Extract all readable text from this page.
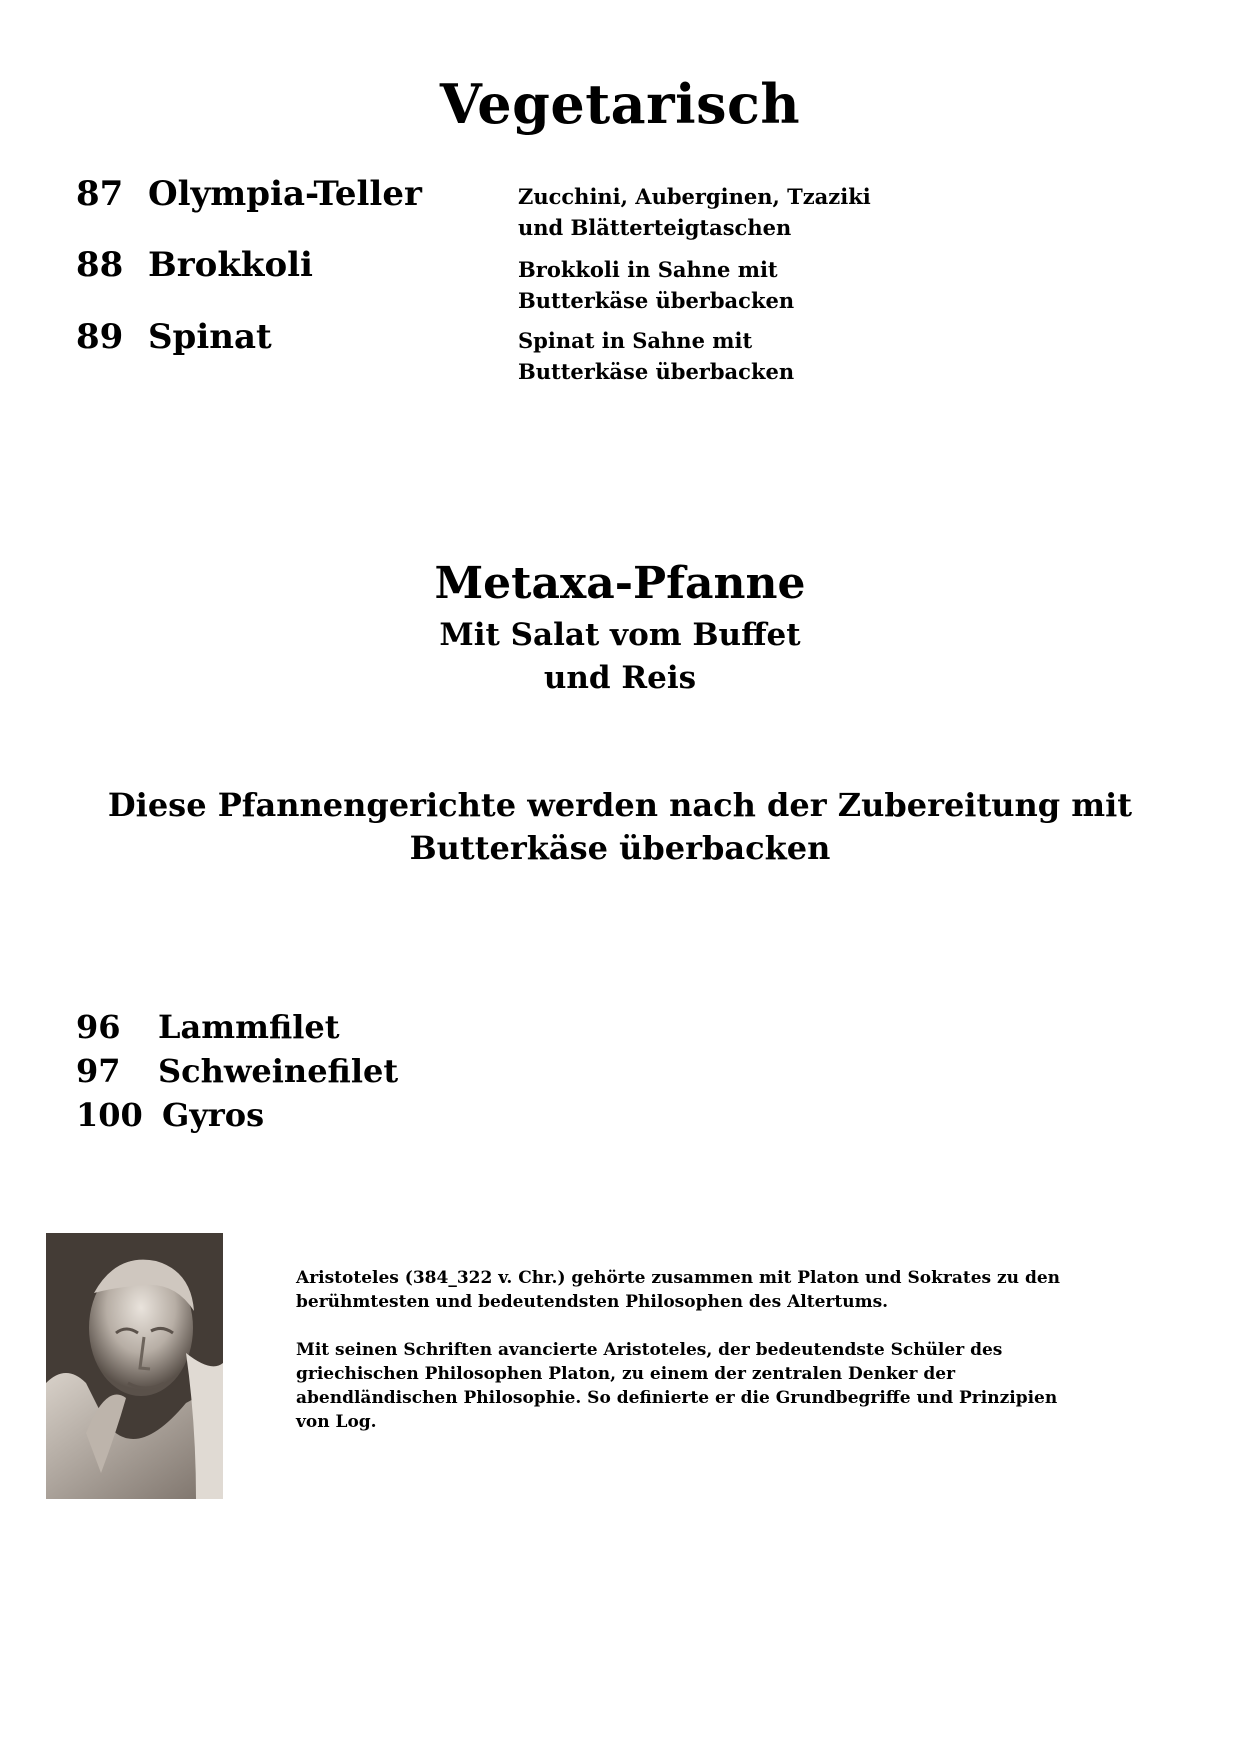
Vegetarisch
87 Olympia-Teller	Zucchini, Auberginen, Tzaziki
und Blätterteigtaschen
88 Brokkoli	Brokkoli in Sahne mit
Butterkäse überbacken
89 Spinat	Spinat in Sahne mit
Butterkäse überbacken
Metaxa-Pfanne
Mit Salat vom Buffet
und Reis
Diese Pfannengerichte werden nach der Zubereitung mit
Butterkäse überbacken
96 Lammfilet
97 Schweinefilet
100 Gyros

Aristoteles (384_322 v. Chr.) gehörte zusammen mit Platon und Sokrates zu den
berühmtesten und bedeutendsten Philosophen des Altertums.

Mit seinen Schriften avancierte Aristoteles, der bedeutendste Schüler des
griechischen Philosophen Platon, zu einem der zentralen Denker der
abendländischen Philosophie. So definierte er die Grundbegriffe und Prinzipien
von Log.
